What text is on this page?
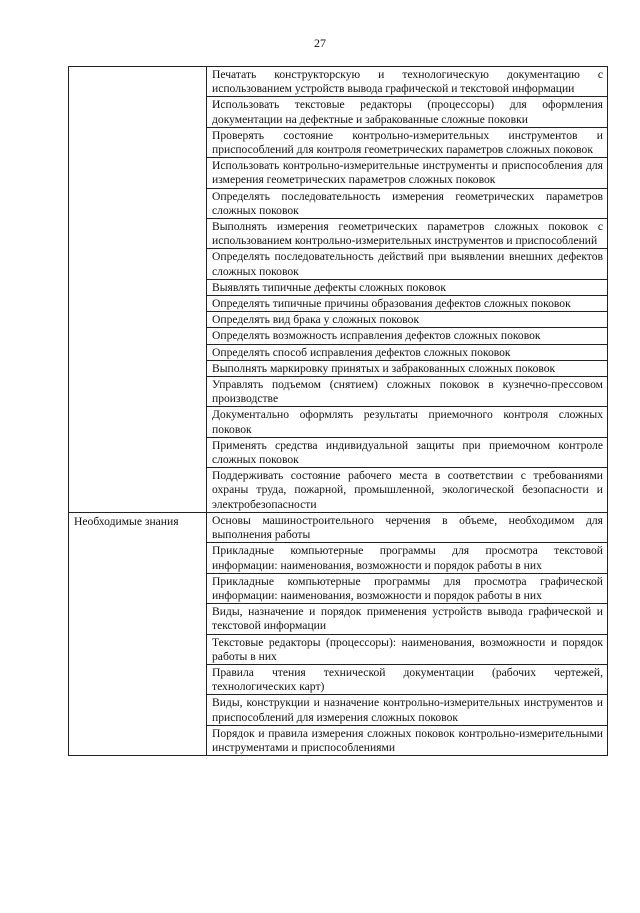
27
	Печатать конструкторскую и технологическую документацию с использованием устройств вывода графической и текстовой информации
	Использовать текстовые редакторы (процессоры) для оформления документации на дефектные и забракованные сложные поковки
	Проверять состояние контрольно-измерительных инструментов и приспособлений для контроля геометрических параметров сложных поковок
	Использовать контрольно-измерительные инструменты и приспособления для измерения геометрических параметров сложных поковок
	Определять последовательность измерения геометрических параметров сложных поковок
	Выполнять измерения геометрических параметров сложных поковок с использованием контрольно-измерительных инструментов и приспособлений
	Определять последовательность действий при выявлении внешних дефектов сложных поковок
	Выявлять типичные дефекты сложных поковок
	Определять типичные причины образования дефектов сложных поковок
	Определять вид брака у сложных поковок
	Определять возможность исправления дефектов сложных поковок
	Определять способ исправления дефектов сложных поковок
	Выполнять маркировку принятых и забракованных сложных поковок
	Управлять подъемом (снятием) сложных поковок в кузнечно-прессовом производстве
	Документально оформлять результаты приемочного контроля сложных поковок
	Применять средства индивидуальной защиты при приемочном контроле сложных поковок
	Поддерживать состояние рабочего места в соответствии с требованиями охраны труда, пожарной, промышленной, экологической безопасности и электробезопасности

Необходимые знания	Основы машиностроительного черчения в объеме, необходимом для выполнения работы
	Прикладные компьютерные программы для просмотра текстовой информации: наименования, возможности и порядок работы в них
	Прикладные компьютерные программы для просмотра графической информации: наименования, возможности и порядок работы в них
	Виды, назначение и порядок применения устройств вывода графической и текстовой информации
	Текстовые редакторы (процессоры): наименования, возможности и порядок работы в них
	Правила чтения технической документации (рабочих чертежей, технологических карт)
	Виды, конструкции и назначение контрольно-измерительных инструментов и приспособлений для измерения сложных поковок
	Порядок и правила измерения сложных поковок контрольно-измерительными инструментами и приспособлениями
